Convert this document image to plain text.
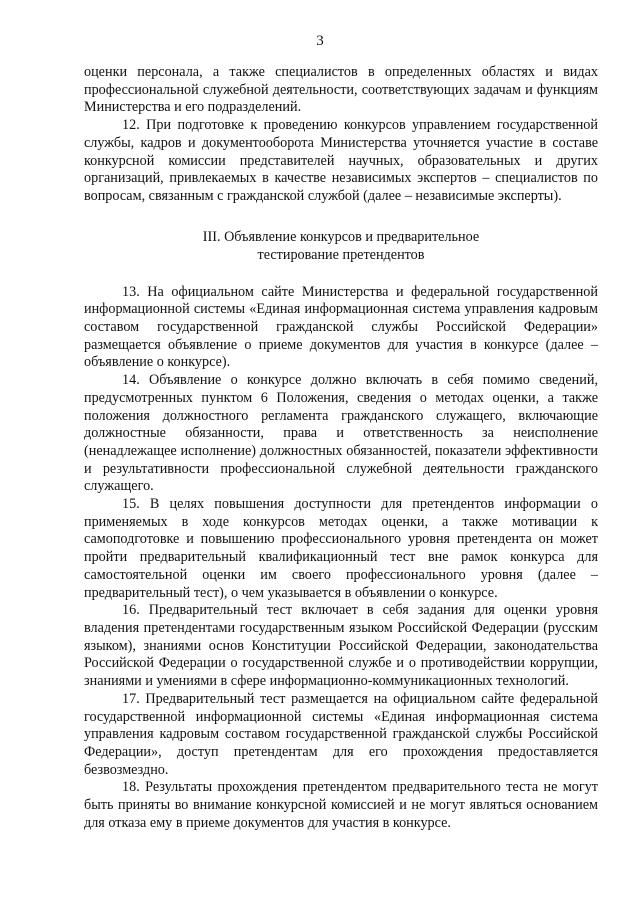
3

оценки персонала, а также специалистов в определенных областях и видах профессиональной служебной деятельности, соответствующих задачам и функциям Министерства и его подразделений.

12. При подготовке к проведению конкурсов управлением государственной службы, кадров и документооборота Министерства уточняется участие в составе конкурсной комиссии представителей научных, образовательных и других организаций, привлекаемых в качестве независимых экспертов – специалистов по вопросам, связанным с гражданской службой (далее – независимые эксперты).

III. Объявление конкурсов и предварительное
тестирование претендентов

13. На официальном сайте Министерства и федеральной государственной информационной системы «Единая информационная система управления кадровым составом государственной гражданской службы Российской Федерации» размещается объявление о приеме документов для участия в конкурсе (далее – объявление о конкурсе).

14. Объявление о конкурсе должно включать в себя помимо сведений, предусмотренных пунктом 6 Положения, сведения о методах оценки, а также положения должностного регламента гражданского служащего, включающие должностные обязанности, права и ответственность за неисполнение (ненадлежащее исполнение) должностных обязанностей, показатели эффективности и результативности профессиональной служебной деятельности гражданского служащего.

15. В целях повышения доступности для претендентов информации о применяемых в ходе конкурсов методах оценки, а также мотивации к самоподготовке и повышению профессионального уровня претендента он может пройти предварительный квалификационный тест вне рамок конкурса для самостоятельной оценки им своего профессионального уровня (далее – предварительный тест), о чем указывается в объявлении о конкурсе.

16. Предварительный тест включает в себя задания для оценки уровня владения претендентами государственным языком Российской Федерации (русским языком), знаниями основ Конституции Российской Федерации, законодательства Российской Федерации о государственной службе и о противодействии коррупции, знаниями и умениями в сфере информационно-коммуникационных технологий.

17. Предварительный тест размещается на официальном сайте федеральной государственной информационной системы «Единая информационная система управления кадровым составом государственной гражданской службы Российской Федерации», доступ претендентам для его прохождения предоставляется безвозмездно.

18. Результаты прохождения претендентом предварительного теста не могут быть приняты во внимание конкурсной комиссией и не могут являться основанием для отказа ему в приеме документов для участия в конкурсе.
